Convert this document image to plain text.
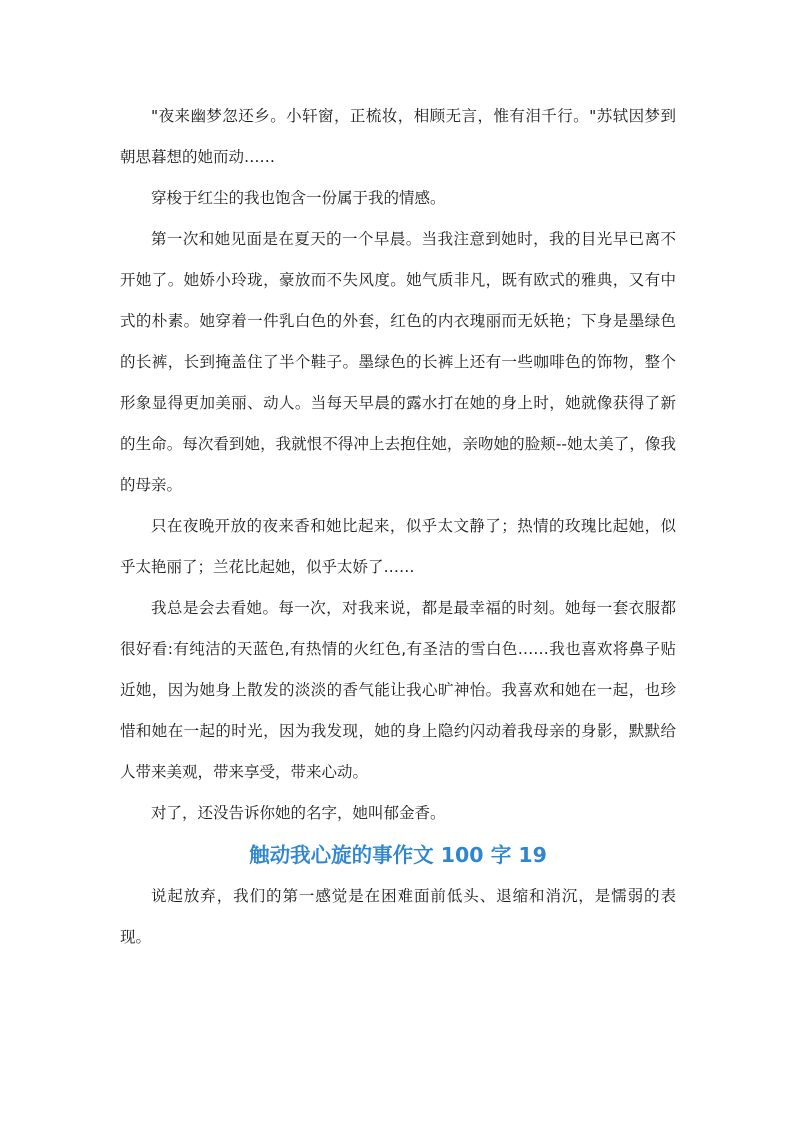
"夜来幽梦忽还乡。小轩窗，正梳妆，相顾无言，惟有泪千行。"苏轼因梦到朝思暮想的她而动……

穿梭于红尘的我也饱含一份属于我的情感。

第一次和她见面是在夏天的一个早晨。当我注意到她时，我的目光早已离不开她了。她娇小玲珑，豪放而不失风度。她气质非凡，既有欧式的雅典，又有中式的朴素。她穿着一件乳白色的外套，红色的内衣瑰丽而无妖艳；下身是墨绿色的长裤，长到掩盖住了半个鞋子。墨绿色的长裤上还有一些咖啡色的饰物，整个形象显得更加美丽、动人。当每天早晨的露水打在她的身上时，她就像获得了新的生命。每次看到她，我就恨不得冲上去抱住她，亲吻她的脸颊--她太美了，像我的母亲。

只在夜晚开放的夜来香和她比起来，似乎太文静了；热情的玫瑰比起她，似乎太艳丽了；兰花比起她，似乎太娇了……

我总是会去看她。每一次，对我来说，都是最幸福的时刻。她每一套衣服都很好看:有纯洁的天蓝色,有热情的火红色,有圣洁的雪白色……我也喜欢将鼻子贴近她，因为她身上散发的淡淡的香气能让我心旷神怡。我喜欢和她在一起，也珍惜和她在一起的时光，因为我发现，她的身上隐约闪动着我母亲的身影，默默给人带来美观，带来享受，带来心动。

对了，还没告诉你她的名字，她叫郁金香。

触动我心旋的事作文 100 字 19

说起放弃，我们的第一感觉是在困难面前低头、退缩和消沉，是懦弱的表现。
